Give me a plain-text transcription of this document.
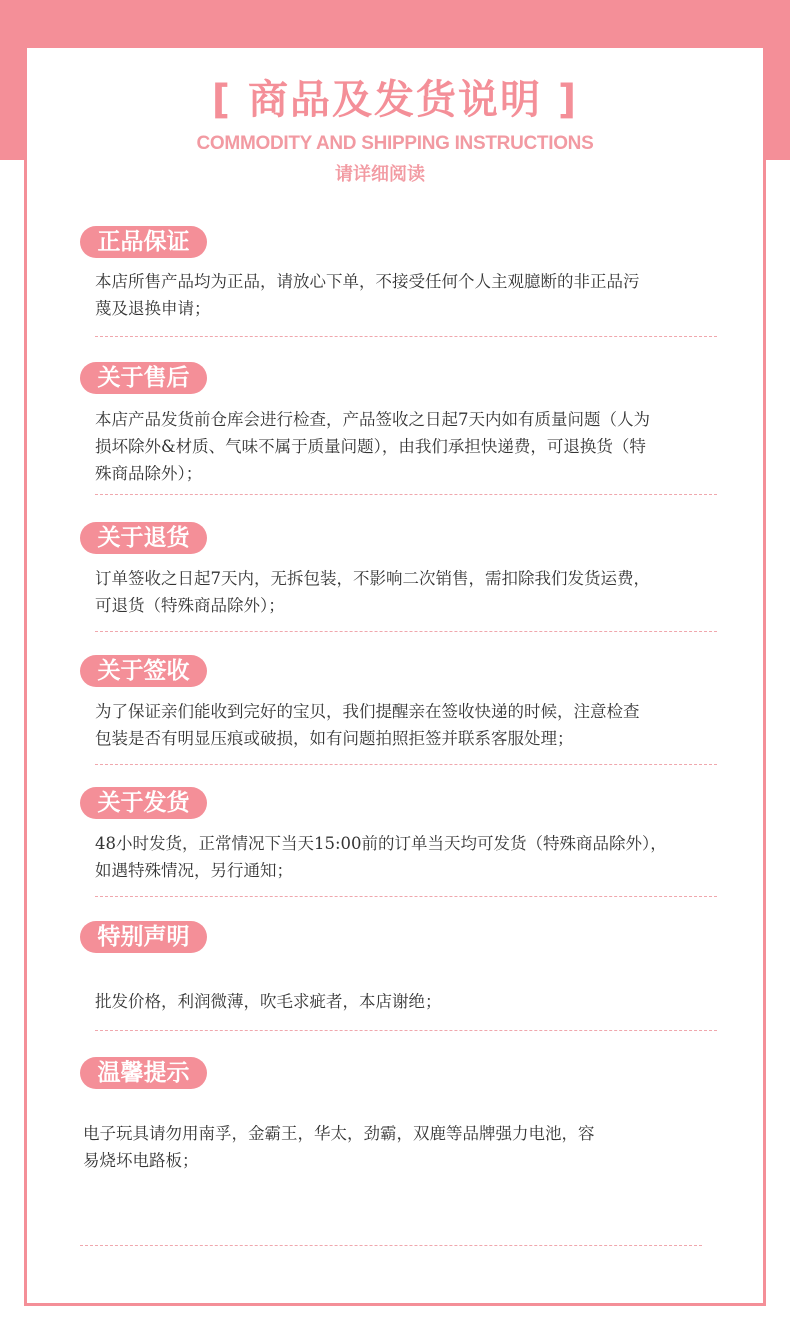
[ 商品及发货说明 ]
COMMODITY AND SHIPPING INSTRUCTIONS
请详细阅读
正品保证
本店所售产品均为正品，请放心下单，不接受任何个人主观臆断的非正品污
蔑及退换申请；
关于售后
本店产品发货前仓库会进行检查，产品签收之日起7天内如有质量问题（人为
损坏除外&材质、气味不属于质量问题），由我们承担快递费，可退换货（特
殊商品除外）；
关于退货
订单签收之日起7天内，无拆包装，不影响二次销售，需扣除我们发货运费，
可退货（特殊商品除外）；
关于签收
为了保证亲们能收到完好的宝贝，我们提醒亲在签收快递的时候，注意检查
包装是否有明显压痕或破损，如有问题拍照拒签并联系客服处理；
关于发货
48小时发货，正常情况下当天15:00前的订单当天均可发货（特殊商品除外），
如遇特殊情况，另行通知；
特别声明
批发价格，利润微薄，吹毛求疵者，本店谢绝；
温馨提示
电子玩具请勿用南孚，金霸王，华太，劲霸，双鹿等品牌强力电池，容
易烧坏电路板；
